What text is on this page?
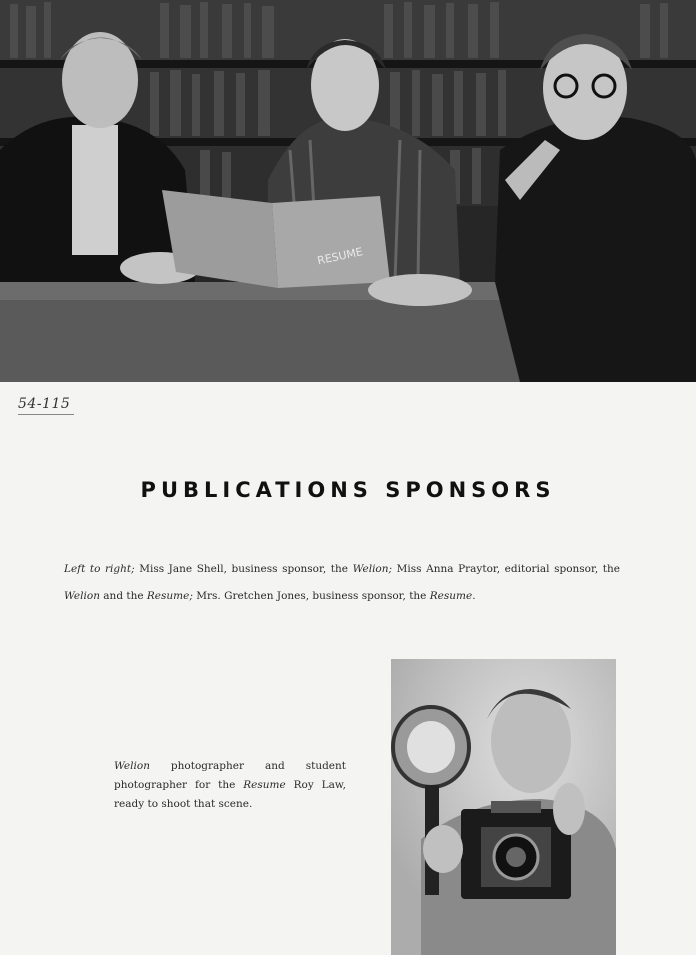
RESUME
54-115
PUBLICATIONS SPONSORS
Left to right; Miss Jane Shell, business sponsor, the Welion; Miss Anna Praytor, editorial sponsor, the Welion and the Resume; Mrs. Gretchen Jones, business sponsor, the Resume.
Welion photographer and student photographer for the Resume Roy Law, ready to shoot that scene.
